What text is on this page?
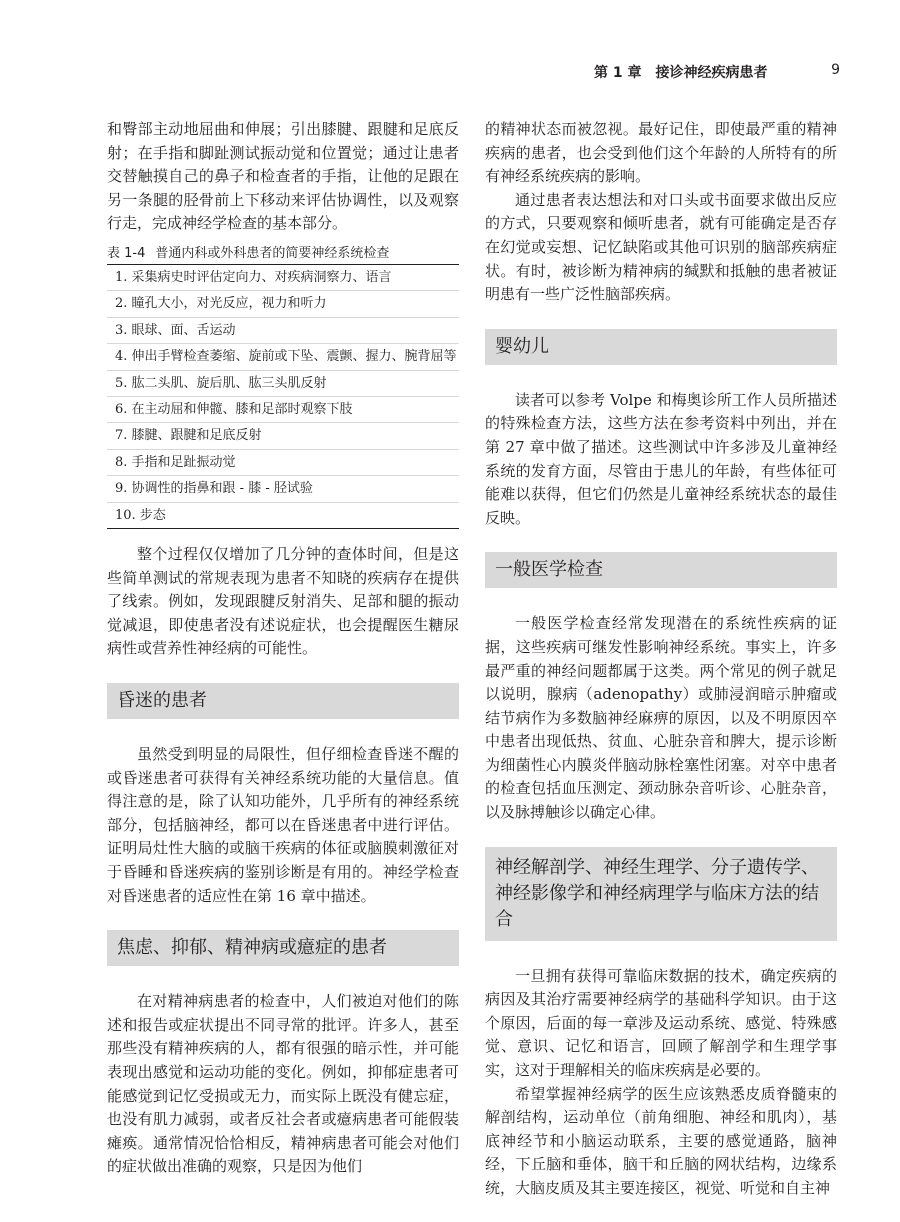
第 1 章　接诊神经疾病患者	9

和臀部主动地屈曲和伸展；引出膝腱、跟腱和足底反射；在手指和脚趾测试振动觉和位置觉；通过让患者交替触摸自己的鼻子和检查者的手指，让他的足跟在另一条腿的胫骨前上下移动来评估协调性，以及观察行走，完成神经学检查的基本部分。

表 1-4 普通内科或外科患者的简要神经系统检查
1. 采集病史时评估定向力、对疾病洞察力、语言
2. 瞳孔大小，对光反应，视力和听力
3. 眼球、面、舌运动
4. 伸出手臂检查萎缩、旋前或下坠、震颤、握力、腕背屈等
5. 肱二头肌、旋后肌、肱三头肌反射
6. 在主动屈和伸髋、膝和足部时观察下肢
7. 膝腱、跟腱和足底反射
8. 手指和足趾振动觉
9. 协调性的指鼻和跟 - 膝 - 胫试验
10. 步态

整个过程仅仅增加了几分钟的查体时间，但是这些简单测试的常规表现为患者不知晓的疾病存在提供了线索。例如，发现跟腱反射消失、足部和腿的振动觉减退，即使患者没有述说症状，也会提醒医生糖尿病性或营养性神经病的可能性。

昏迷的患者

虽然受到明显的局限性，但仔细检查昏迷不醒的或昏迷患者可获得有关神经系统功能的大量信息。值得注意的是，除了认知功能外，几乎所有的神经系统部分，包括脑神经，都可以在昏迷患者中进行评估。证明局灶性大脑的或脑干疾病的体征或脑膜刺激征对于昏睡和昏迷疾病的鉴别诊断是有用的。神经学检查对昏迷患者的适应性在第 16 章中描述。

焦虑、抑郁、精神病或癔症的患者

在对精神病患者的检查中，人们被迫对他们的陈述和报告或症状提出不同寻常的批评。许多人，甚至那些没有精神疾病的人，都有很强的暗示性，并可能表现出感觉和运动功能的变化。例如，抑郁症患者可能感觉到记忆受损或无力，而实际上既没有健忘症，也没有肌力减弱，或者反社会者或癔病患者可能假装瘫痪。通常情况恰恰相反，精神病患者可能会对他们的症状做出准确的观察，只是因为他们

的精神状态而被忽视。最好记住，即使最严重的精神疾病的患者，也会受到他们这个年龄的人所特有的所有神经系统疾病的影响。

通过患者表达想法和对口头或书面要求做出反应的方式，只要观察和倾听患者，就有可能确定是否存在幻觉或妄想、记忆缺陷或其他可识别的脑部疾病症状。有时，被诊断为精神病的缄默和抵触的患者被证明患有一些广泛性脑部疾病。

婴幼儿

读者可以参考 Volpe 和梅奥诊所工作人员所描述的特殊检查方法，这些方法在参考资料中列出，并在第 27 章中做了描述。这些测试中许多涉及儿童神经系统的发育方面，尽管由于患儿的年龄，有些体征可能难以获得，但它们仍然是儿童神经系统状态的最佳反映。

一般医学检查

一般医学检查经常发现潜在的系统性疾病的证据，这些疾病可继发性影响神经系统。事实上，许多最严重的神经问题都属于这类。两个常见的例子就足以说明，腺病（adenopathy）或肺浸润暗示肿瘤或结节病作为多数脑神经麻痹的原因，以及不明原因卒中患者出现低热、贫血、心脏杂音和脾大，提示诊断为细菌性心内膜炎伴脑动脉栓塞性闭塞。对卒中患者的检查包括血压测定、颈动脉杂音听诊、心脏杂音，以及脉搏触诊以确定心律。

神经解剖学、神经生理学、分子遗传学、神经影像学和神经病理学与临床方法的结合

一旦拥有获得可靠临床数据的技术，确定疾病的病因及其治疗需要神经病学的基础科学知识。由于这个原因，后面的每一章涉及运动系统、感觉、特殊感觉、意识、记忆和语言，回顾了解剖学和生理学事实，这对于理解相关的临床疾病是必要的。

希望掌握神经病学的医生应该熟悉皮质脊髓束的解剖结构，运动单位（前角细胞、神经和肌肉），基底神经节和小脑运动联系，主要的感觉通路，脑神经，下丘脑和垂体，脑干和丘脑的网状结构，边缘系统，大脑皮质及其主要连接区，视觉、听觉和自主神
